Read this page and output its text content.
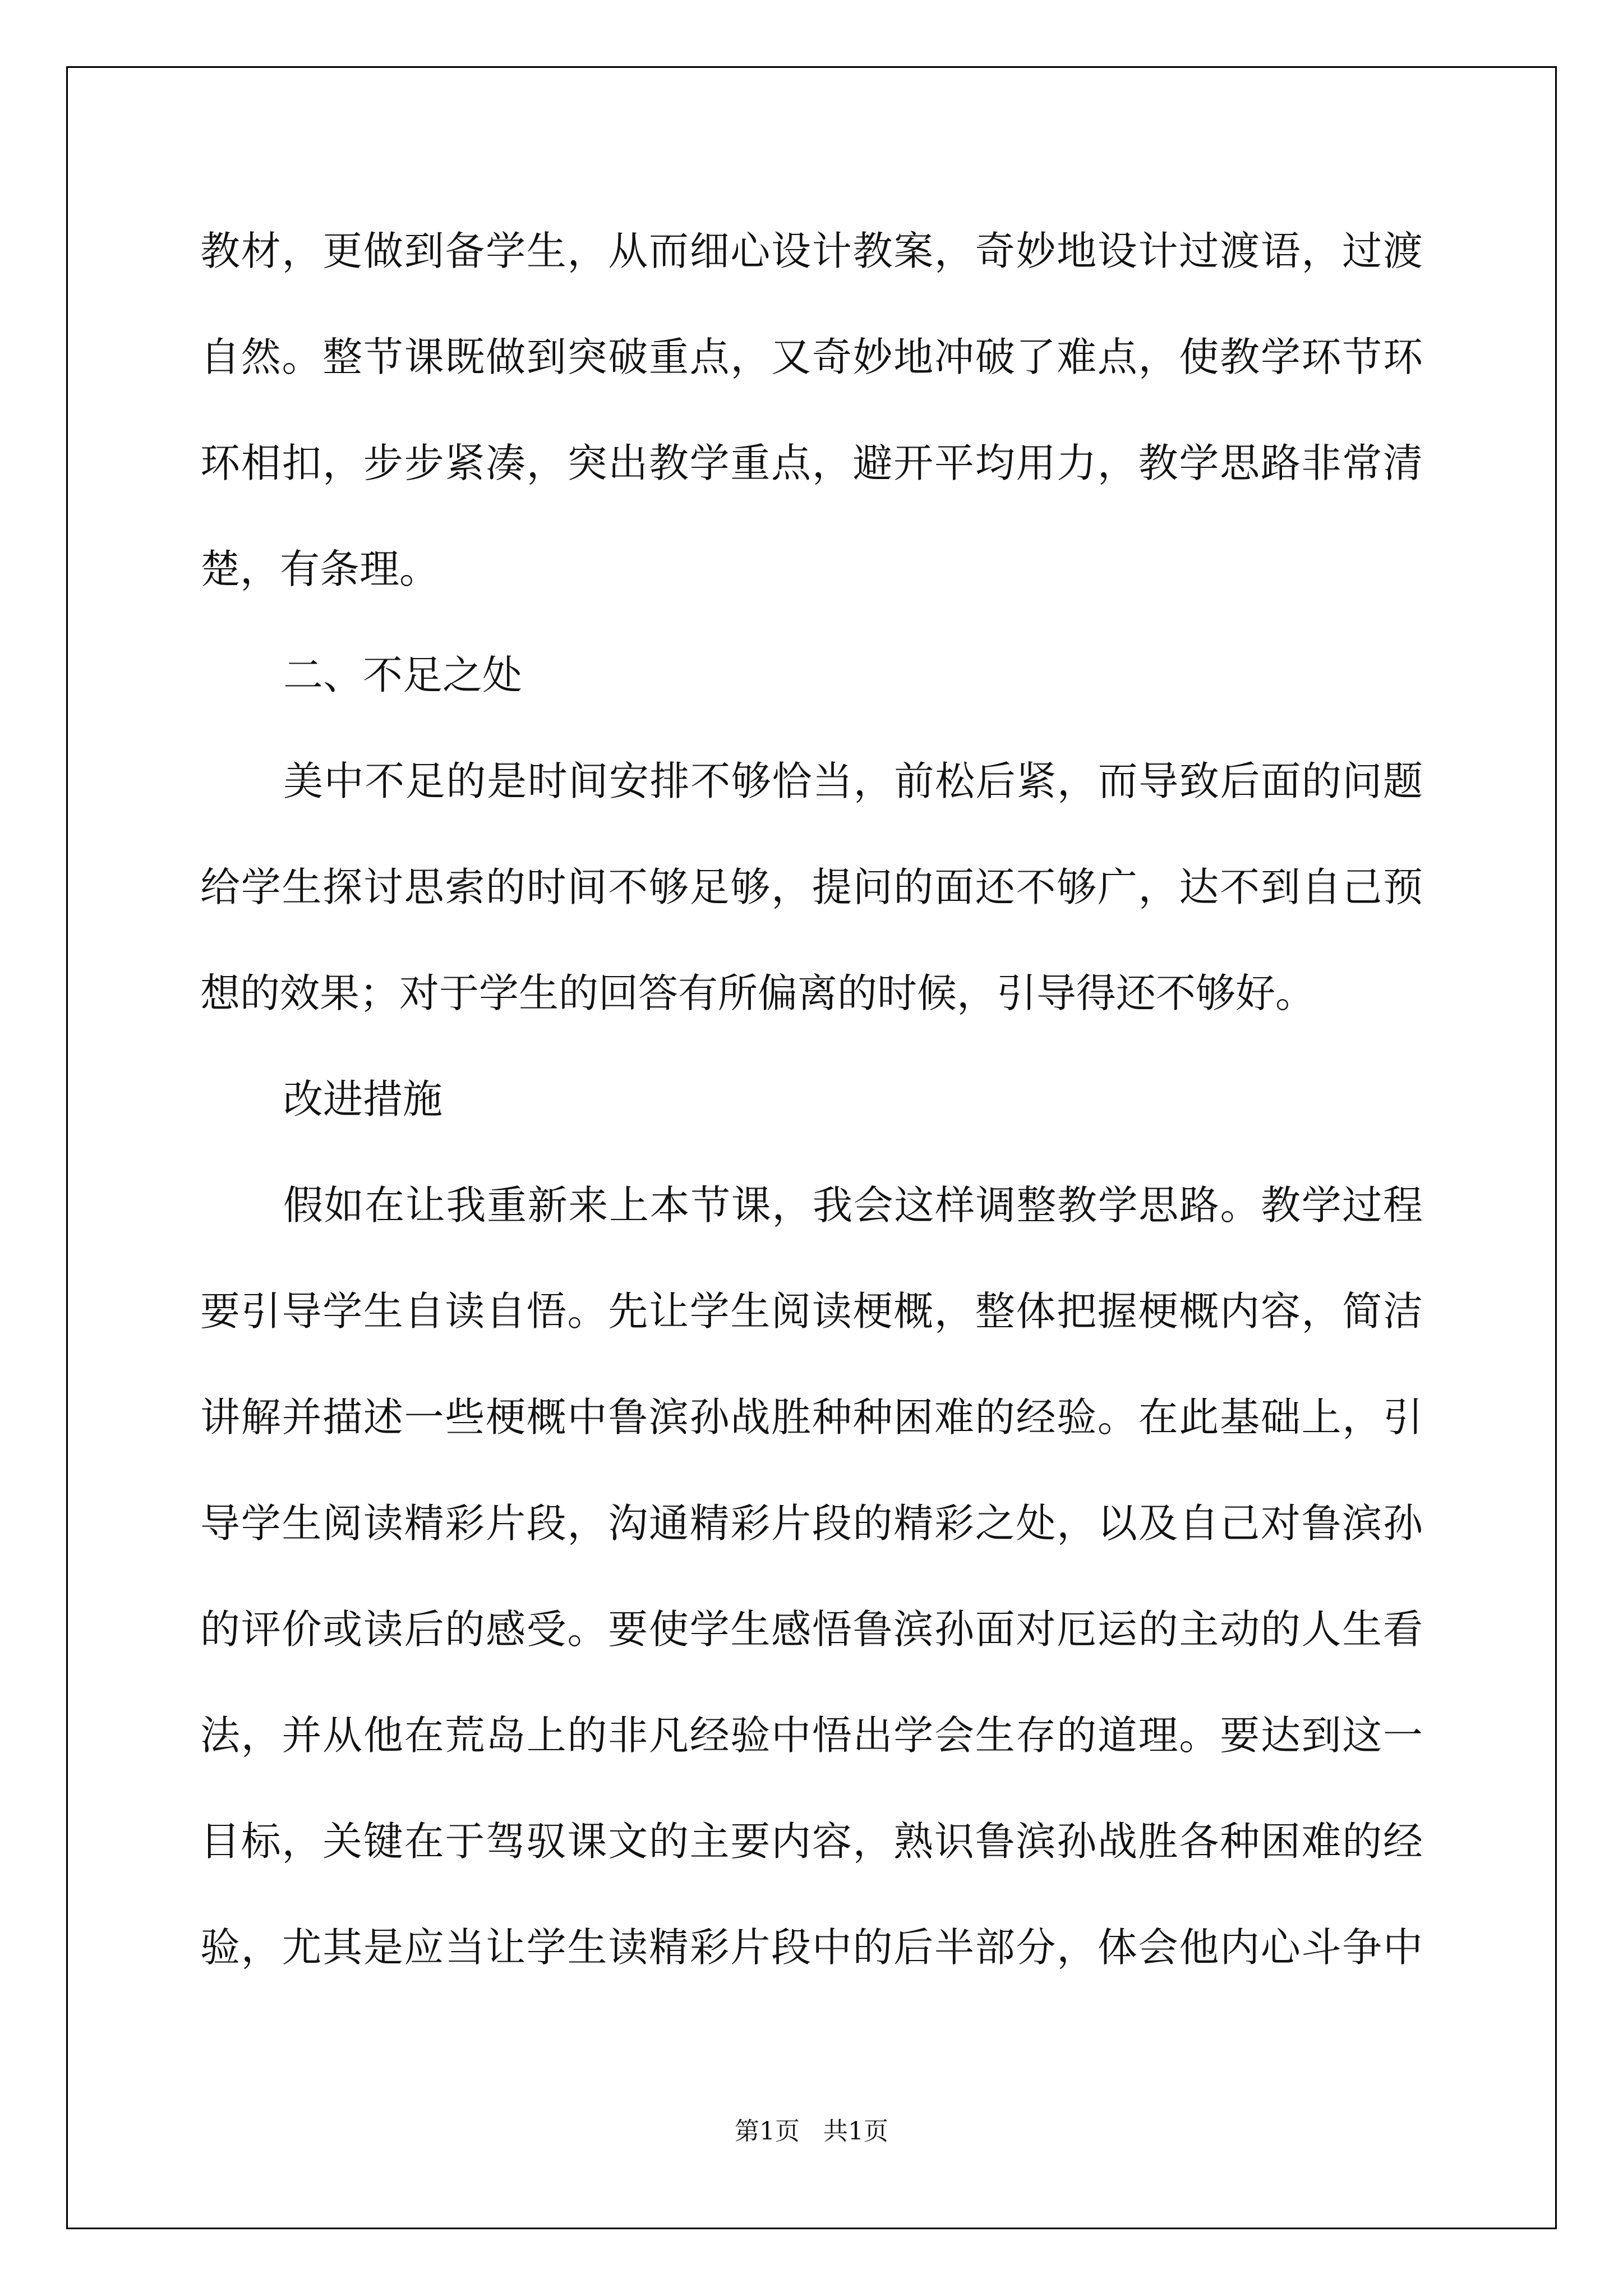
教材，更做到备学生，从而细心设计教案，奇妙地设计过渡语，过渡
自然。整节课既做到突破重点，又奇妙地冲破了难点，使教学环节环
环相扣，步步紧凑，突出教学重点，避开平均用力，教学思路非常清
楚，有条理。
二、不足之处
美中不足的是时间安排不够恰当，前松后紧，而导致后面的问题
给学生探讨思索的时间不够足够，提问的面还不够广，达不到自己预
想的效果；对于学生的回答有所偏离的时候，引导得还不够好。
改进措施
假如在让我重新来上本节课，我会这样调整教学思路。教学过程
要引导学生自读自悟。先让学生阅读梗概，整体把握梗概内容，简洁
讲解并描述一些梗概中鲁滨孙战胜种种困难的经验。在此基础上，引
导学生阅读精彩片段，沟通精彩片段的精彩之处，以及自己对鲁滨孙
的评价或读后的感受。要使学生感悟鲁滨孙面对厄运的主动的人生看
法，并从他在荒岛上的非凡经验中悟出学会生存的道理。要达到这一
目标，关键在于驾驭课文的主要内容，熟识鲁滨孙战胜各种困难的经
验，尤其是应当让学生读精彩片段中的后半部分，体会他内心斗争中
第1页   共1页
